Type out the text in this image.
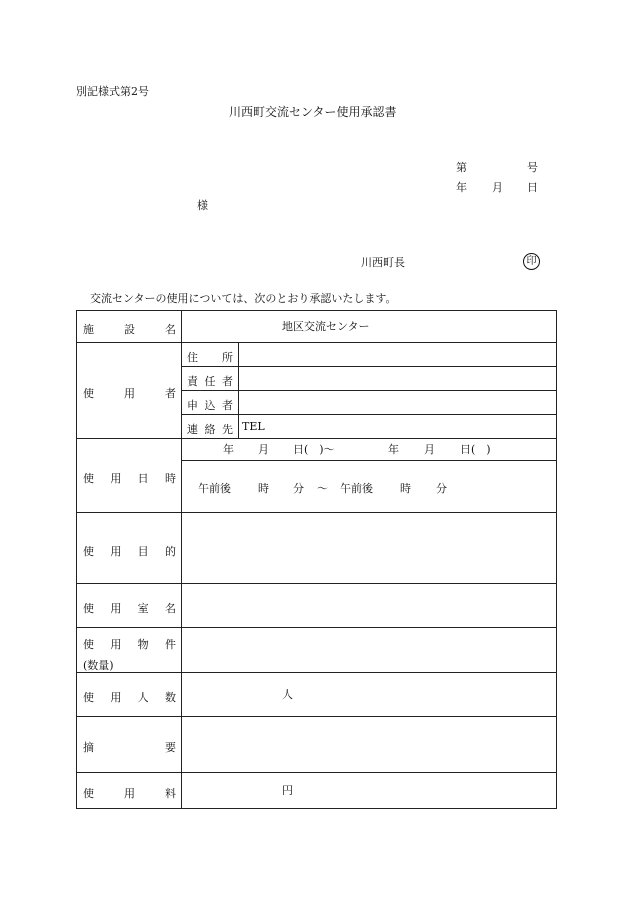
別記様式第2号
川西町交流センター使用承認書
第	号
年 月 日
様
川西町長	印
交流センターの使用については、次のとおり承認いたします。
施	設	名	地区交流センター
使	用	者
住 所
責 任 者
申 込 者
連 絡 先 TEL
使 用 日 時
年 月 日(　)〜	年 月 日(　)
午前後 時 分 〜 午前後 時 分
使 用 目 的
使 用 室 名
使 用 物 件
(数量)
使 用 人 数	人
摘	要
使	用	料	円
